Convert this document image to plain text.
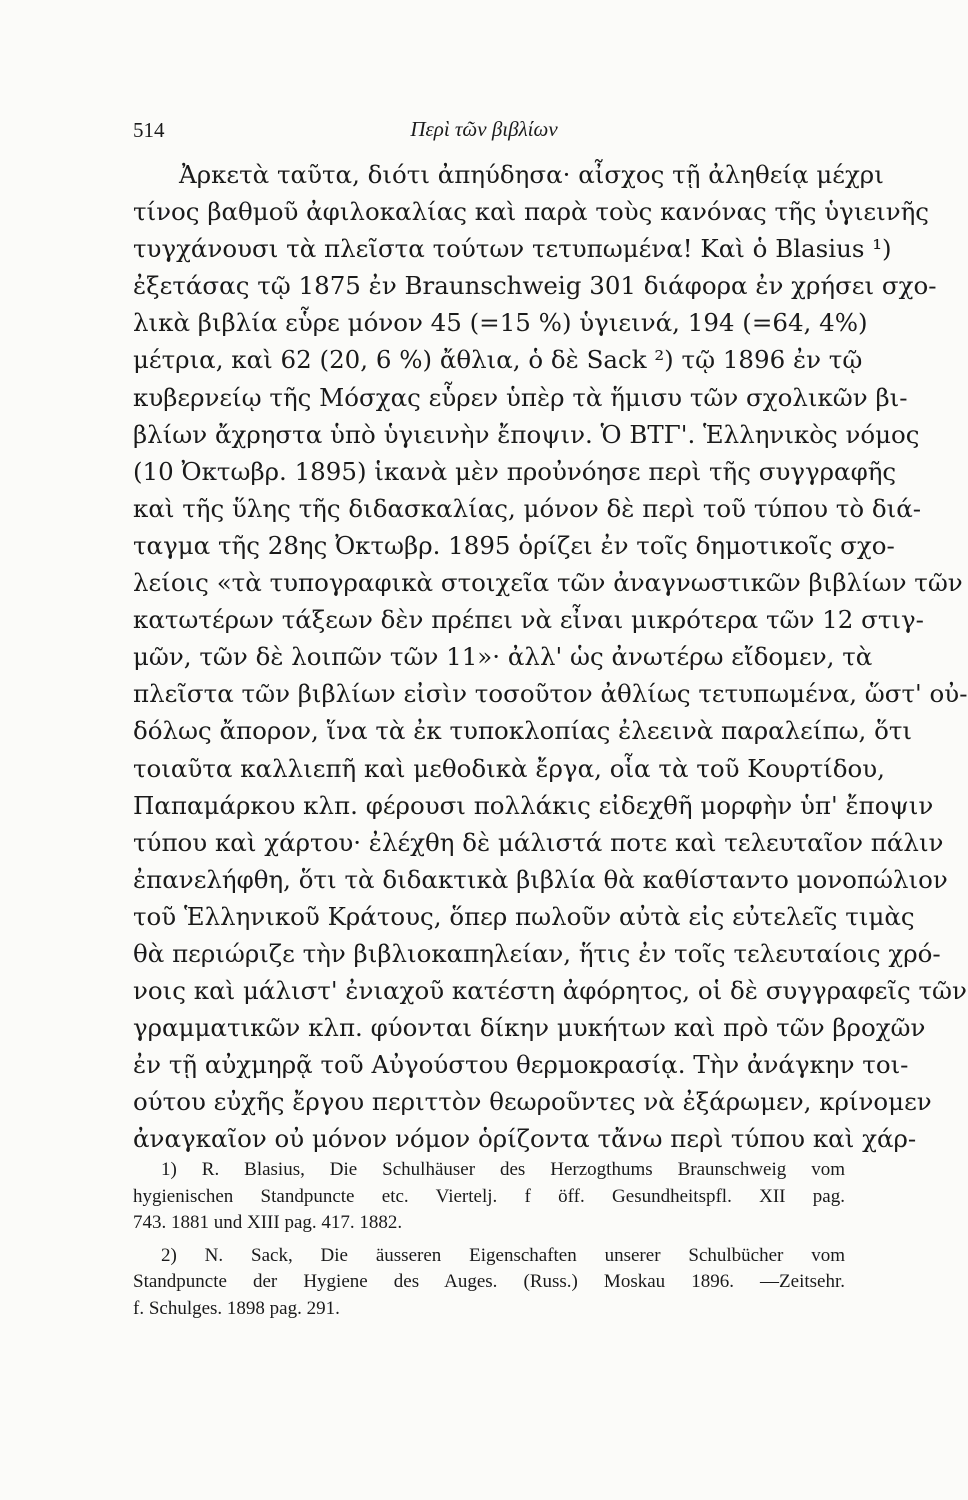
514	Περὶ τῶν βιβλίων
Ἀρκετὰ ταῦτα, διότι ἀπηύδησα· αἶσχος τῇ ἀληθείᾳ μέχρι
τίνος βαθμοῦ ἀφιλοκαλίας καὶ παρὰ τοὺς κανόνας τῆς ὑγιεινῆς
τυγχάνουσι τὰ πλεῖστα τούτων τετυπωμένα! Καὶ ὁ Blasius ¹)
ἐξετάσας τῷ 1875 ἐν Braunschweig 301 διάφορα ἐν χρήσει σχο-
λικὰ βιβλία εὗρε μόνον 45 (=15 %) ὑγιεινά, 194 (=64, 4%)
μέτρια, καὶ 62 (20, 6 %) ἄθλια, ὁ δὲ Sack ²) τῷ 1896 ἐν τῷ
κυβερνείῳ τῆς Μόσχας εὗρεν ὑπὲρ τὰ ἥμισυ τῶν σχολικῶν βι-
βλίων ἄχρηστα ὑπὸ ὑγιεινὴν ἔποψιν. Ὁ ΒΤΓ'. Ἑλληνικὸς νόμος
(10 Ὀκτωβρ. 1895) ἱκανὰ μὲν προὐνόησε περὶ τῆς συγγραφῆς
καὶ τῆς ὕλης τῆς διδασκαλίας, μόνον δὲ περὶ τοῦ τύπου τὸ διά-
ταγμα τῆς 28ης Ὀκτωβρ. 1895 ὁρίζει ἐν τοῖς δημοτικοῖς σχο-
λείοις «τὰ τυπογραφικὰ στοιχεῖα τῶν ἀναγνωστικῶν βιβλίων τῶν
κατωτέρων τάξεων δὲν πρέπει νὰ εἶναι μικρότερα τῶν 12 στιγ-
μῶν, τῶν δὲ λοιπῶν τῶν 11»· ἀλλ' ὡς ἀνωτέρω εἴδομεν, τὰ
πλεῖστα τῶν βιβλίων εἰσὶν τοσοῦτον ἀθλίως τετυπωμένα, ὥστ' οὐ-
δόλως ἄπορον, ἵνα τὰ ἐκ τυποκλοπίας ἐλεεινὰ παραλείπω, ὅτι
τοιαῦτα καλλιεπῆ καὶ μεθοδικὰ ἔργα, οἷα τὰ τοῦ Κουρτίδου,
Παπαμάρκου κλπ. φέρουσι πολλάκις εἰδεχθῆ μορφὴν ὑπ' ἔποψιν
τύπου καὶ χάρτου· ἐλέχθη δὲ μάλιστά ποτε καὶ τελευταῖον πάλιν
ἐπανελήφθη, ὅτι τὰ διδακτικὰ βιβλία θὰ καθίσταντο μονοπώλιον
τοῦ Ἑλληνικοῦ Κράτους, ὅπερ πωλοῦν αὐτὰ εἰς εὐτελεῖς τιμὰς
θὰ περιώριζε τὴν βιβλιοκαπηλείαν, ἥτις ἐν τοῖς τελευταίοις χρό-
νοις καὶ μάλιστ' ἐνιαχοῦ κατέστη ἀφόρητος, οἱ δὲ συγγραφεῖς τῶν
γραμματικῶν κλπ. φύονται δίκην μυκήτων καὶ πρὸ τῶν βροχῶν
ἐν τῇ αὐχμηρᾷ τοῦ Αὐγούστου θερμοκρασίᾳ. Τὴν ἀνάγκην τοι-
ούτου εὐχῆς ἔργου περιττὸν θεωροῦντες νὰ ἐξάρωμεν, κρίνομεν
ἀναγκαῖον οὐ μόνον νόμον ὁρίζοντα τἄνω περὶ τύπου καὶ χάρ-
1) R. Blasius, Die Schulhäuser des Herzogthums Braunschweig vom
hygienischen Standpuncte etc. Viertelj. f öff. Gesundheitspfl. XII pag.
743. 1881 und XIII pag. 417. 1882.
2) N. Sack, Die äusseren Eigenschaften unserer Schulbücher vom
Standpuncte der Hygiene des Auges. (Russ.) Moskau 1896. —Zeitsehr.
f. Schulges. 1898 pag. 291.
